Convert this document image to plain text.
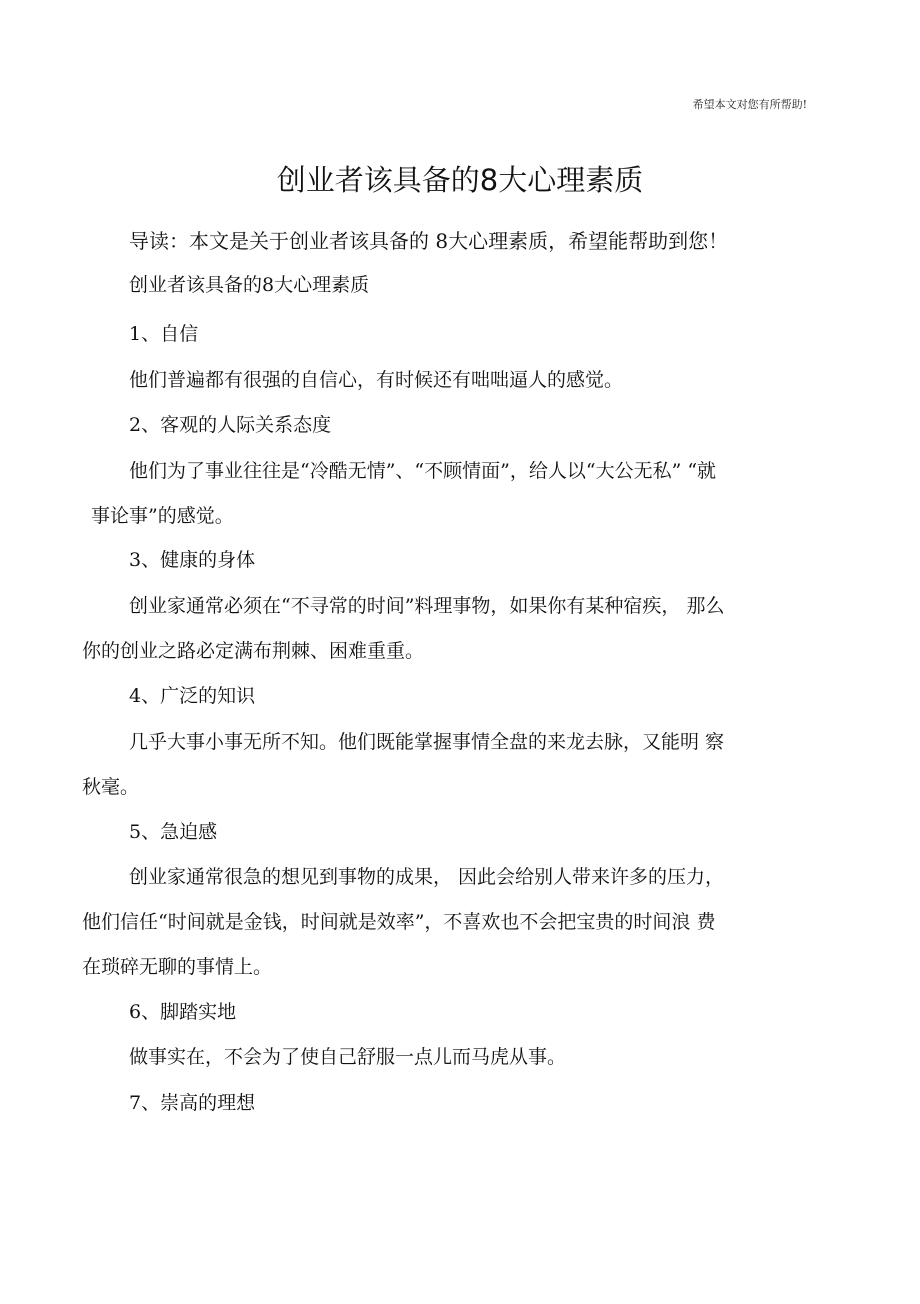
希望本文对您有所帮助!
创业者该具备的8大心理素质
导读：本文是关于创业者该具备的 8大心理素质，希望能帮助到您！
创业者该具备的8大心理素质
1、自信
他们普遍都有很强的自信心，有时候还有咄咄逼人的感觉。
2、客观的人际关系态度
他们为了事业往往是“冷酷无情”、“不顾情面”，给人以“大公无私” “就
事论事”的感觉。
3、健康的身体
创业家通常必须在“不寻常的时间”料理事物，如果你有某种宿疾， 那么
你的创业之路必定满布荆棘、困难重重。
4、广泛的知识
几乎大事小事无所不知。他们既能掌握事情全盘的来龙去脉，又能明 察
秋毫。
5、急迫感
创业家通常很急的想见到事物的成果， 因此会给别人带来许多的压力，
他们信任“时间就是金钱，时间就是效率”，不喜欢也不会把宝贵的时间浪 费
在琐碎无聊的事情上。
6、脚踏实地
做事实在，不会为了使自己舒服一点儿而马虎从事。
7、崇高的理想
